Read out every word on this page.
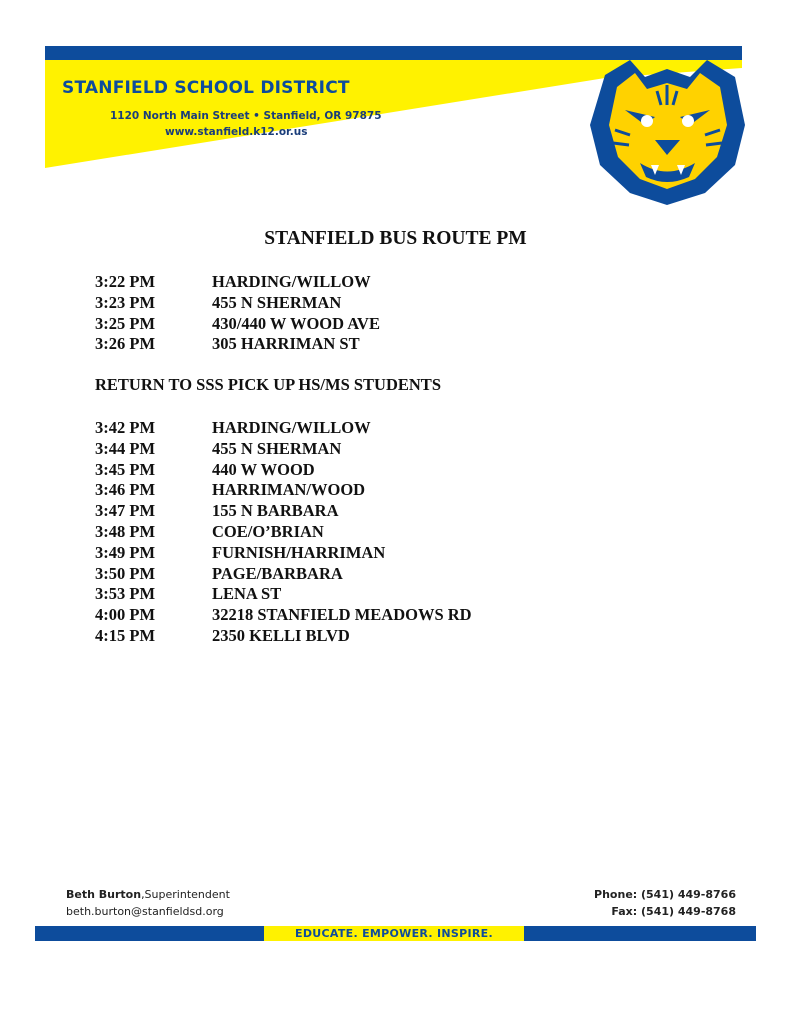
STANFIELD SCHOOL DISTRICT
1120 North Main Street • Stanfield, OR 97875
www.stanfield.k12.or.us
STANFIELD BUS ROUTE PM
3:22 PM	HARDING/WILLOW
3:23 PM	455 N SHERMAN
3:25 PM	430/440 W WOOD AVE
3:26 PM	305 HARRIMAN ST
RETURN TO SSS PICK UP HS/MS STUDENTS
3:42 PM	HARDING/WILLOW
3:44 PM	455 N SHERMAN
3:45 PM	440 W WOOD
3:46 PM	HARRIMAN/WOOD
3:47 PM	155 N BARBARA
3:48 PM	COE/O’BRIAN
3:49 PM	FURNISH/HARRIMAN
3:50 PM	PAGE/BARBARA
3:53 PM	LENA ST
4:00 PM	32218 STANFIELD MEADOWS RD
4:15 PM	2350 KELLI BLVD
Beth Burton,Superintendent
beth.burton@stanfieldsd.org
Phone: (541) 449-8766
Fax: (541) 449-8768
EDUCATE. EMPOWER. INSPIRE.
